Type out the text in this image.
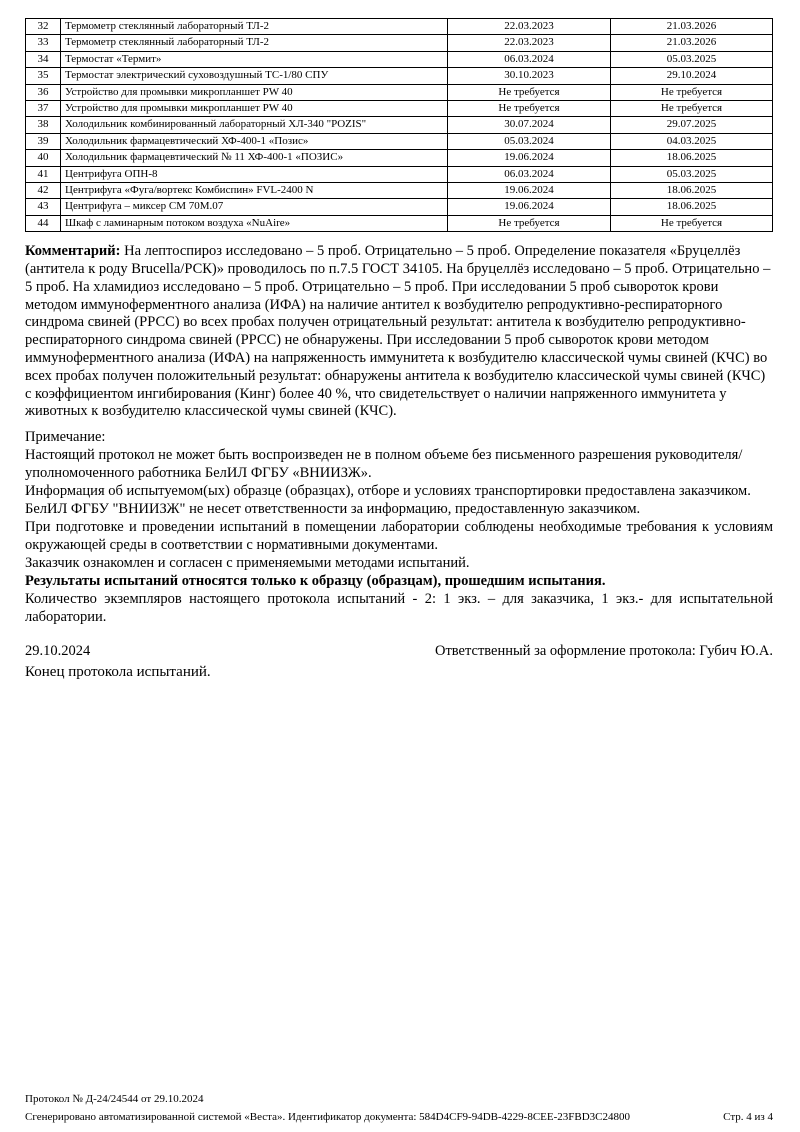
32	Термометр стеклянный лабораторный ТЛ-2	22.03.2023	21.03.2026
33	Термометр стеклянный лабораторный ТЛ-2	22.03.2023	21.03.2026
34	Термостат «Термит»	06.03.2024	05.03.2025
35	Термостат электрический суховоздушный ТС-1/80 СПУ	30.10.2023	29.10.2024
36	Устройство для промывки микропланшет PW 40	Не требуется	Не требуется
37	Устройство для промывки микропланшет PW 40	Не требуется	Не требуется
38	Холодильник комбинированный лабораторный ХЛ-340 "POZIS"	30.07.2024	29.07.2025
39	Холодильник фармацевтический ХФ-400-1 «Позис»	05.03.2024	04.03.2025
40	Холодильник фармацевтический № 11 ХФ-400-1 «ПОЗИС»	19.06.2024	18.06.2025
41	Центрифуга ОПН-8	06.03.2024	05.03.2025
42	Центрифуга «Фуга/вортекс Комбиспин» FVL-2400 N	19.06.2024	18.06.2025
43	Центрифуга – миксер СМ 70М.07	19.06.2024	18.06.2025
44	Шкаф с ламинарным потоком воздуха «NuAire»	Не требуется	Не требуется

Комментарий: На лептоспироз исследовано – 5 проб. Отрицательно – 5 проб. Определение показателя «Бруцеллёз (антитела к роду Brucella/РСК)» проводилось по п.7.5 ГОСТ 34105. На бруцеллёз исследовано – 5 проб. Отрицательно – 5 проб. На хламидиоз исследовано – 5 проб. Отрицательно – 5 проб. При исследовании 5 проб сывороток крови методом иммуноферментного анализа (ИФА) на наличие антител к возбудителю репродуктивно-респираторного синдрома свиней (РРСС) во всех пробах получен отрицательный результат: антитела к возбудителю репродуктивно-респираторного синдрома свиней (РРСС) не обнаружены. При исследовании 5 проб сывороток крови методом иммуноферментного анализа (ИФА) на напряженность иммунитета к возбудителю классической чумы свиней (КЧС) во всех пробах получен положительный результат: обнаружены антитела к возбудителю классической чумы свиней (КЧС) с коэффициентом ингибирования (Кинг) более 40 %, что свидетельствует о наличии напряженного иммунитета у животных к возбудителю классической чумы свиней (КЧС).

Примечание:

Настоящий протокол не может быть воспроизведен не в полном объеме без письменного разрешения руководителя/уполномоченного работника БелИЛ ФГБУ «ВНИИЗЖ».

Информация об испытуемом(ых) образце (образцах), отборе и условиях транспортировки предоставлена заказчиком.

БелИЛ ФГБУ "ВНИИЗЖ" не несет ответственности за информацию, предоставленную заказчиком.

При подготовке и проведении испытаний в помещении лаборатории соблюдены необходимые требования к условиям окружающей среды в соответствии с нормативными документами.

Заказчик ознакомлен и согласен с применяемыми методами испытаний.

Результаты испытаний относятся только к образцу (образцам), прошедшим испытания.

Количество экземпляров настоящего протокола испытаний - 2: 1 экз. – для заказчика, 1 экз.- для испытательной лаборатории.

29.10.2024	Ответственный за оформление протокола: Губич Ю.А.

Конец протокола испытаний.

Протокол № Д-24/24544 от 29.10.2024
Сгенерировано автоматизированной системой «Веста». Идентификатор документа: 584D4CF9-94DB-4229-8CEE-23FBD3C24800	Стр. 4 из 4
